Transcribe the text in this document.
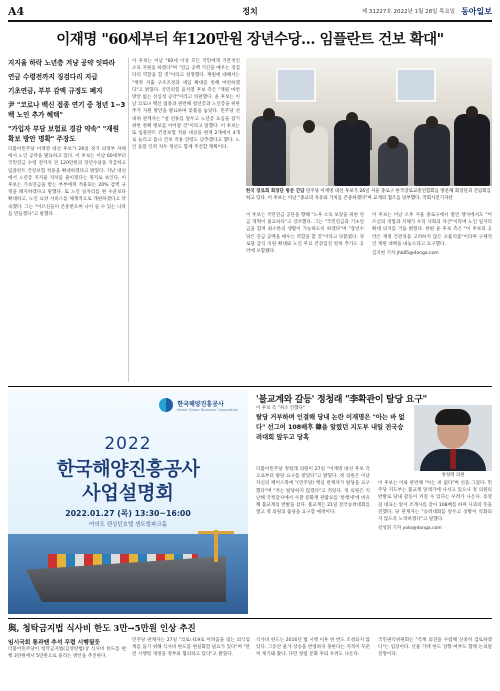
A4	정치	제 31227호 2022년 1월 28일 목요일 동아일보
이재명 "60세부터 年120만원 장년수당… 임플란트 건보 확대"
지지율 하락 노년층 겨냥 공약 잇따라
연금 수령전까지 징검다리 지급
기초연금, 부부 감액 규정도 폐지
尹 "코로나 백신 접종 연기 중 청년 1~3백 노인 추가 혜택"
"가입자 부담 보험료 경감 약속" "재원 확보 방안 명확" 주장도
더불어민주당 이재명 대선 후보가 26일 경기 의정부 자택에서 노인 공약을 발표하고 있다. 이 후보는 이날 60세부터 국민연금 수령 전까지 연 120만원의 장년수당을 지급하고 임플란트 건강보험 적용을 확대하겠다고 밝혔다. 지난 대선에서 노년층 지지율 격차를 줄이겠다는 취지로 보인다. 이 후보는 기초연금을 받는 부부에게 적용되는 20% 감액 규정을 폐지하겠다고 말했다. 또 노인 일자리를 현 수준보다 확대하고, 노인 요양 서비스를 체계적으로 개편하겠다고 약속했다. 그는 "어르신들이 존중받으며 나이 들 수 있는 나라를 만들겠다"고 말했다.
이 후보는 이날 "60세 이상 모든 국민에게 기본적인 소득 지원을 하겠다"며 "연금 공백 기간을 메우는 징검다리 역할을 할 것"이라고 설명했다. 재원에 대해서는 "재정 지출 구조조정과 세입 확대를 통해 마련하겠다"고 밝혔다. 국민의힘 윤석열 후보 측은 "재원 마련 방안 없는 선심성 공약"이라고 비판했다. 윤 후보는 이날 코로나 백신 접종과 관련해 청년층과 노인층을 위한 추가 지원 방안을 발표하며 맞불을 놓았다. 민주당 선대위 관계자는 "설 연휴를 앞두고 노년층 표심을 잡기 위한 정책 행보를 이어갈 것"이라고 말했다. 이 후보는 또 임플란트 건강보험 적용 대상을 현재 2개에서 4개로 늘리고 틀니 건보 적용 연령도 낮추겠다고 했다. 노인 돌봄 인력 처우 개선도 함께 추진할 계획이다.
한국 장로회 회장단 방문 간담 민주당 이재명 대선 후보가 26일 서울 종로구 한국장로교총연합회를 방문해 회장단과 간담회를 하고 있다. 이 후보는 이날 "종교의 자유와 가치를 존중하겠다"며 교계의 협조를 당부했다. 국회사진기자단
이 후보는 국민연금 공단을 향해 "노후 소득 보장을 위한 연금 개혁이 필요하다"고 강조했다. 그는 "국민연금과 기초연금을 합쳐 최소한의 생활이 가능하도록 하겠다"며 "장년수당은 연금 공백을 메우는 역할을 할 것"이라고 덧붙였다. 경로당 급식 지원 확대와 노인 무료 건강검진 항목 추가도 공약에 포함됐다.
이 후보는 이날 오후 서울 종로구에서 열린 행사에서도 "어르신의 경험과 지혜가 우리 사회의 자산"이라며 노인 일자리 확대 의지를 거듭 밝혔다. 한편 윤 후보 측은 "이 후보의 공약은 재정 건전성을 고려하지 않은 포퓰리즘"이라며 구체적인 재원 대책을 내놓으라고 요구했다.
김지현 기자 jhk85@donga.com
한국해양진흥공사
Korea Ocean Business Corporation
2022
한국해양진흥공사
사업설명회
2022.01.27 (목) 13:30~16:00
여의도 렌싱턴호텔 센트럴파크홀
'불교계와 갈등' 정청래 "李확관이 탈당 요구"
이 후보 측 "취소 안했다"
탈당 거부하며 인결해 당내 논란 이재명은 "아는 바 없다" 선그어 108배후 韓을 알렸던 지도부 내일 전국승려대회 앞두고 당혹
정청래 의원
더불어민주당 정청래 의원이 27일 "이재명 대선 후보 측으로부터 탈당 요구를 받았다"고 밝혔다. 정 의원은 이날 자신의 페이스북에 "(민주당) 핵심 관계자가 탈당을 요구했다"며 "저는 탈당하지 않겠다"고 적었다. 정 의원은 지난해 국정감사에서 사찰 문화재 관람료를 '통행세'에 비유해 불교계의 반발을 샀다. 불교계는 21일 전국승려대회를 열고 정 의원의 출당을 요구할 예정이다.
이 후보는 이와 관련해 "아는 바 없다"며 선을 그었다. 민주당 지도부는 불교계 달래기에 나서고 있으나 정 의원의 반발로 당내 갈등이 커질 수 있다는 우려가 나온다. 송영길 대표는 앞서 조계사를 찾아 108배를 하며 사과의 뜻을 전했다. 당 관계자는 "승려대회를 앞두고 상황이 악화되지 않도록 노력하겠다"고 말했다.
강성휘 기자 yolo@donga.com
與, 청탁금지법 식사비 한도 3만→5만원 인상 추진
임시국회 통과땐 추석 무렵 시행될듯
더불어민주당이 청탁금지법(김영란법)상 식사비 한도를 현행 3만원에서 5만원으로 올리는 방안을 추진한다.
민주당 관계자는 27일 "코로나19로 어려움을 겪는 외식업계를 돕기 위해 식사비 한도를 현실화할 필요가 있다"며 "관련 시행령 개정을 정부와 협의하고 있다"고 밝혔다.
식사비 한도는 2016년 법 시행 이후 한 번도 조정되지 않았다. 그동안 물가 상승을 반영하지 못한다는 지적이 꾸준히 제기돼 왔다. 다만 청렴 문화 후퇴 우려도 나온다.
국민권익위원회는 "각계 의견을 수렴해 신중히 검토하겠다"는 입장이다. 선물 가액 한도 상향 여부도 함께 논의될 전망이다.
